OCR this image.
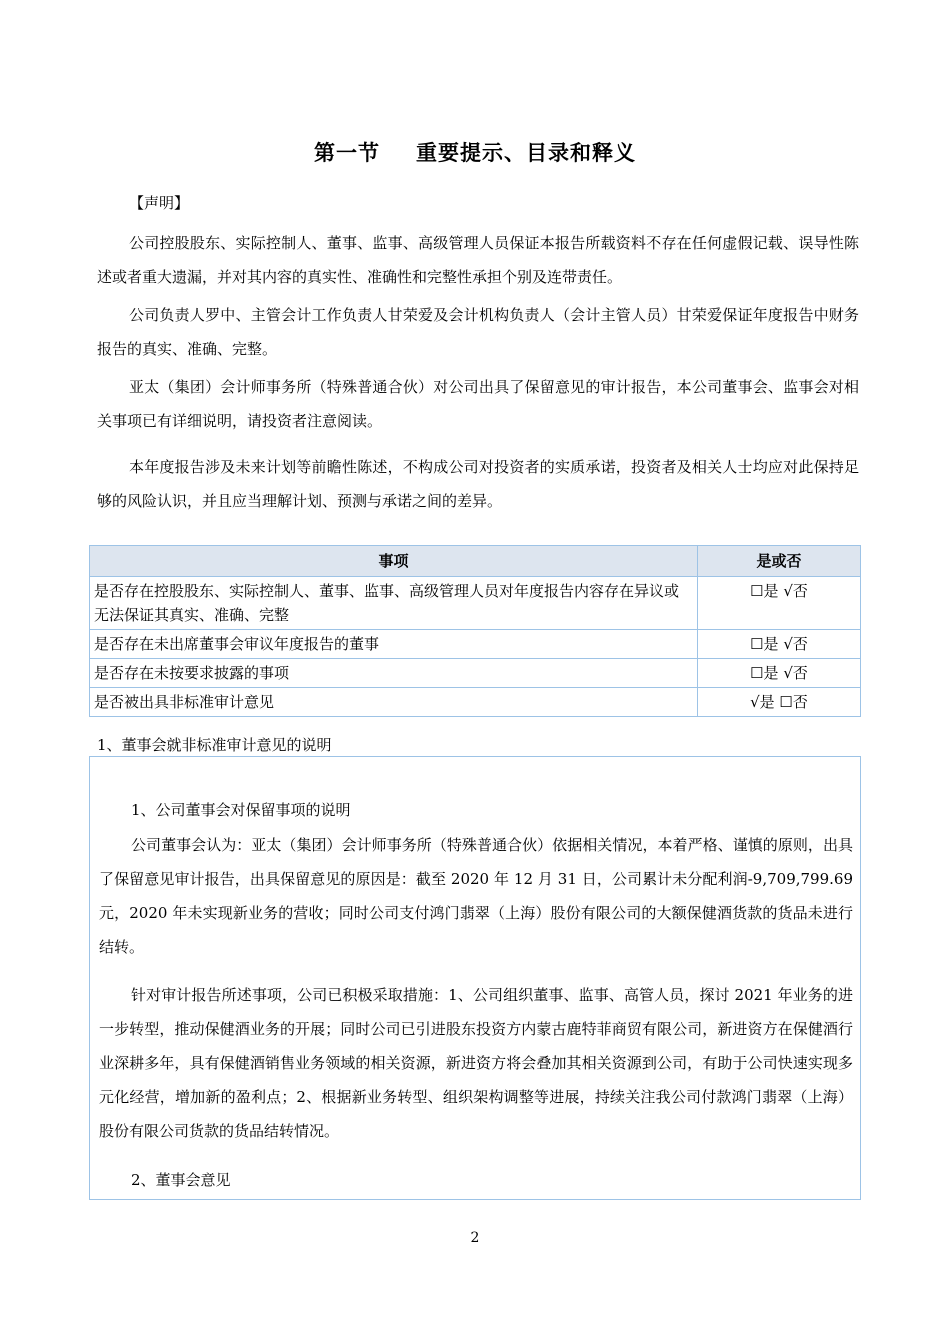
第一节 重要提示、目录和释义
【声明】
公司控股股东、实际控制人、董事、监事、高级管理人员保证本报告所载资料不存在任何虚假记载、误导性陈述或者重大遗漏，并对其内容的真实性、准确性和完整性承担个别及连带责任。
公司负责人罗中、主管会计工作负责人甘荣爱及会计机构负责人（会计主管人员）甘荣爱保证年度报告中财务报告的真实、准确、完整。
亚太（集团）会计师事务所（特殊普通合伙）对公司出具了保留意见的审计报告，本公司董事会、监事会对相关事项已有详细说明，请投资者注意阅读。
本年度报告涉及未来计划等前瞻性陈述，不构成公司对投资者的实质承诺，投资者及相关人士均应对此保持足够的风险认识，并且应当理解计划、预测与承诺之间的差异。
事项	是或否
是否存在控股股东、实际控制人、董事、监事、高级管理人员对年度报告内容存在异议或无法保证其真实、准确、完整	☐是 √否
是否存在未出席董事会审议年度报告的董事	☐是 √否
是否存在未按要求披露的事项	☐是 √否
是否被出具非标准审计意见	√是 ☐否
1、董事会就非标准审计意见的说明
1、公司董事会对保留事项的说明
公司董事会认为：亚太（集团）会计师事务所（特殊普通合伙）依据相关情况，本着严格、谨慎的原则，出具了保留意见审计报告，出具保留意见的原因是：截至 2020 年 12 月 31 日，公司累计未分配利润-9,709,799.69 元，2020 年未实现新业务的营收；同时公司支付鸿门翡翠（上海）股份有限公司的大额保健酒货款的货品未进行结转。
针对审计报告所述事项，公司已积极采取措施：1、公司组织董事、监事、高管人员，探讨 2021 年业务的进一步转型，推动保健酒业务的开展；同时公司已引进股东投资方内蒙古鹿特菲商贸有限公司，新进资方在保健酒行业深耕多年，具有保健酒销售业务领域的相关资源，新进资方将会叠加其相关资源到公司，有助于公司快速实现多元化经营，增加新的盈利点；2、根据新业务转型、组织架构调整等进展，持续关注我公司付款鸿门翡翠（上海）股份有限公司货款的货品结转情况。
2、董事会意见
2
